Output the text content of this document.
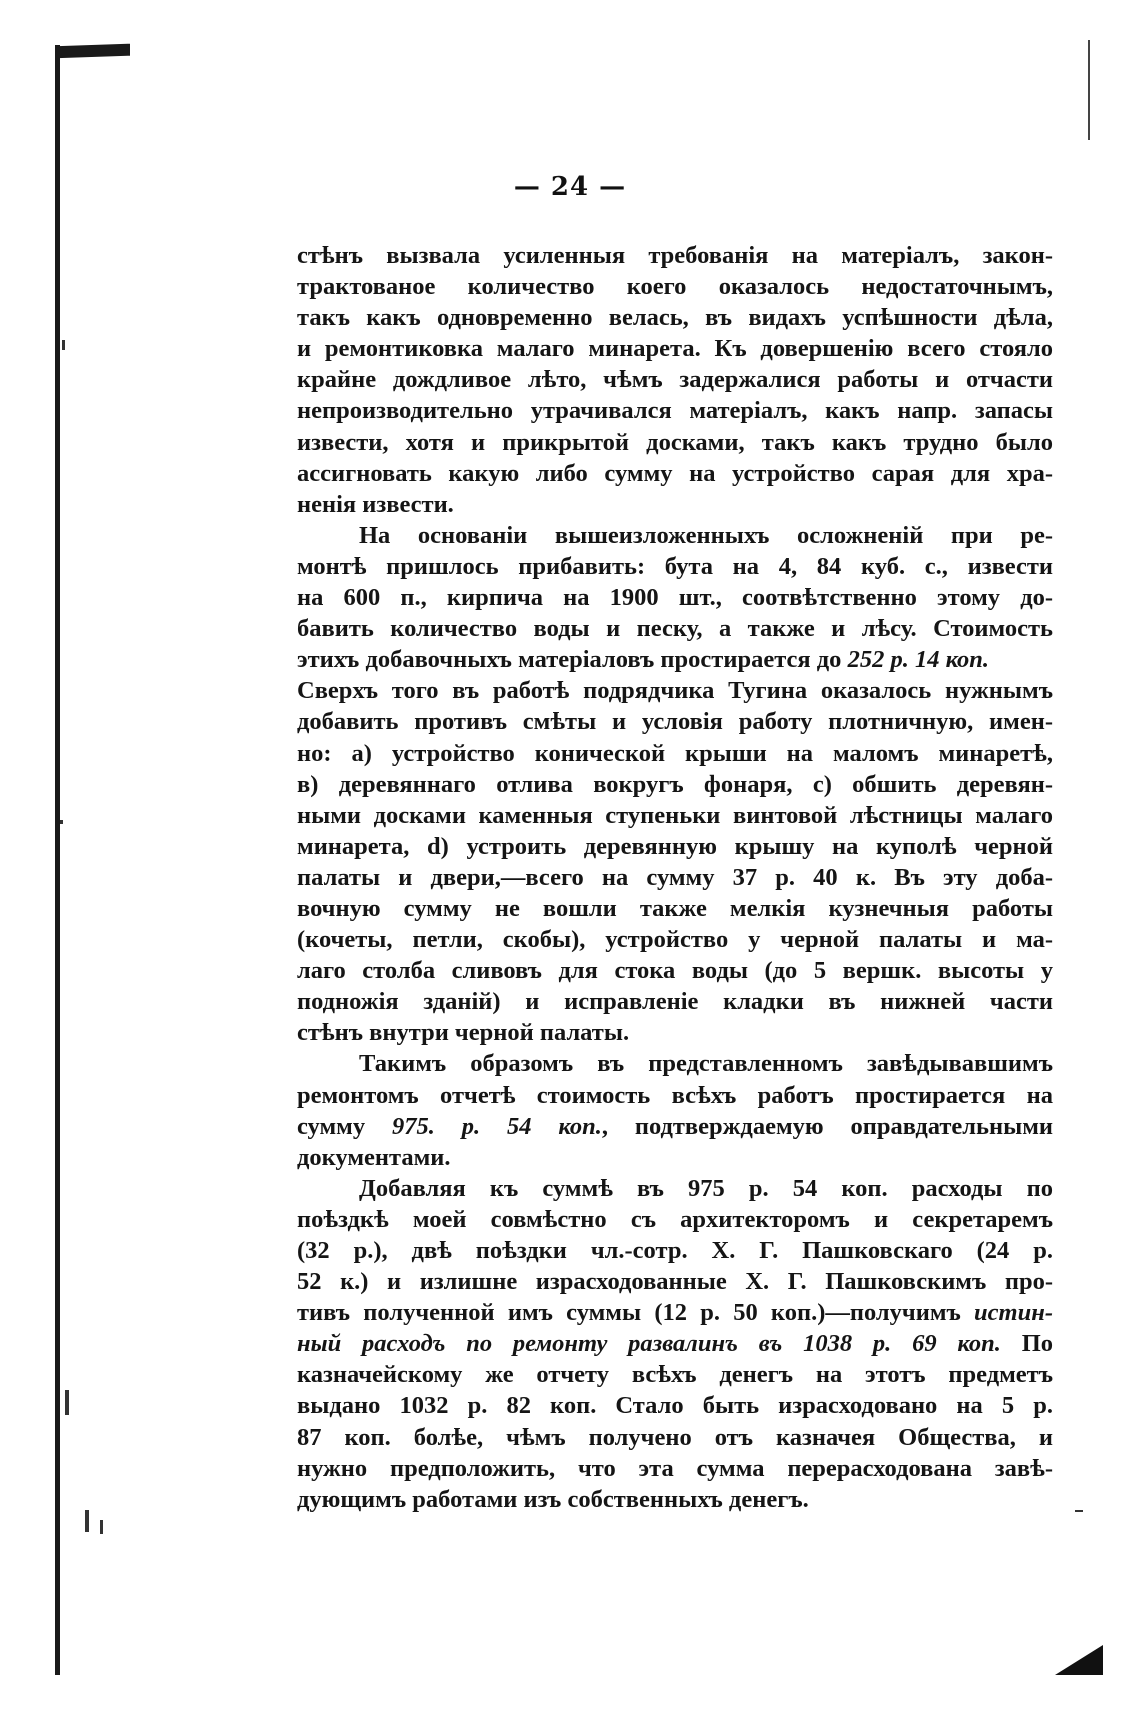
— 24 —

стѣнъ вызвала усиленныя требованія на матеріалъ, закон-
трактованое количество коего оказалось недостаточнымъ,
такъ какъ одновременно велась, въ видахъ успѣшности дѣла,
и ремонтиковка малаго минарета. Къ довершенію всего стояло
крайне дождливое лѣто, чѣмъ задержалися работы и отчасти
непроизводительно утрачивался матеріалъ, какъ напр. запасы
извести, хотя и прикрытой досками, такъ какъ трудно было
ассигновать какую либо сумму на устройство сарая для хра-
ненія извести.

На основаніи вышеизложенныхъ осложненій при ре-
монтѣ пришлось прибавить: бута на 4, 84 куб. с., извести
на 600 п., кирпича на 1900 шт., соотвѣтственно этому до-
бавить количество воды и песку, а также и лѣсу. Стоимость
этихъ добавочныхъ матеріаловъ простирается до 252 р. 14 коп.
Сверхъ того въ работѣ подрядчика Тугина оказалось нужнымъ
добавить противъ смѣты и условія работу плотничную, имен-
но: а) устройство конической крыши на маломъ минаретѣ,
в) деревяннаго отлива вокругъ фонаря, с) обшить деревян-
ными досками каменныя ступеньки винтовой лѣстницы малаго
минарета, d) устроить деревянную крышу на куполѣ черной
палаты и двери,—всего на сумму 37 р. 40 к. Въ эту доба-
вочную сумму не вошли также мелкія кузнечныя работы
(кочеты, петли, скобы), устройство у черной палаты и ма-
лаго столба сливовъ для стока воды (до 5 вершк. высоты у
подножія зданій) и исправленіе кладки въ нижней части
стѣнъ внутри черной палаты.

Такимъ образомъ въ представленномъ завѣдывавшимъ
ремонтомъ отчетѣ стоимость всѣхъ работъ простирается на
сумму 975. р. 54 коп., подтверждаемую оправдательными
документами.

Добавляя къ суммѣ въ 975 р. 54 коп. расходы по
поѣздкѣ моей совмѣстно съ архитекторомъ и секретаремъ
(32 р.), двѣ поѣздки чл.-сотр. Х. Г. Пашковскаго (24 р.
52 к.) и излишне израсходованные Х. Г. Пашковскимъ про-
тивъ полученной имъ суммы (12 р. 50 коп.)—получимъ истин-
ный расходъ по ремонту развалинъ въ 1038 р. 69 коп. По
казначейскому же отчету всѣхъ денегъ на этотъ предметъ
выдано 1032 р. 82 коп. Стало быть израсходовано на 5 р.
87 коп. болѣе, чѣмъ получено отъ казначея Общества, и
нужно предположить, что эта сумма перерасходована завѣ-
дующимъ работами изъ собственныхъ денегъ.
